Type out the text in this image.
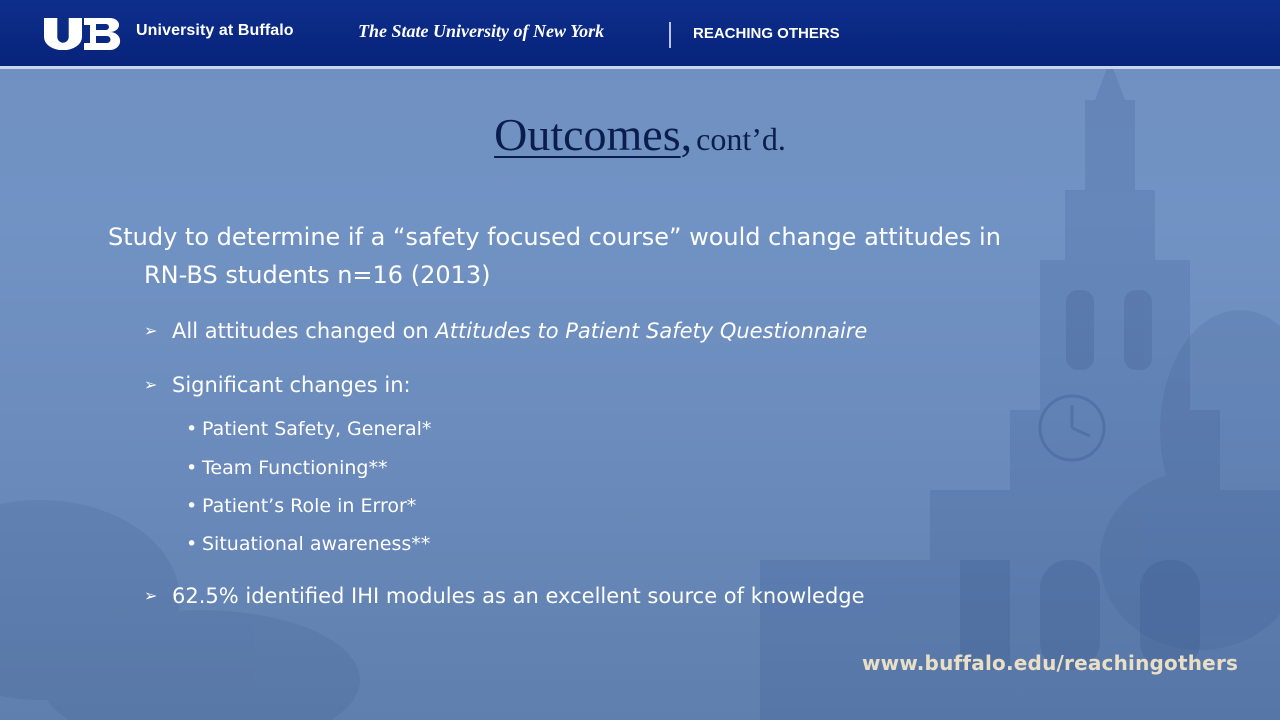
University at Buffalo	The State University of New York	REACHING OTHERS
Outcomes, cont’d.
Study to determine if a “safety focused course” would change attitudes in
RN-BS students n=16 (2013)
➢ All attitudes changed on Attitudes to Patient Safety Questionnaire
➢ Significant changes in:
• Patient Safety, General*
• Team Functioning**
• Patient’s Role in Error*
• Situational awareness**
➢ 62.5% identified IHI modules as an excellent source of knowledge
www.buffalo.edu/reachingothers
